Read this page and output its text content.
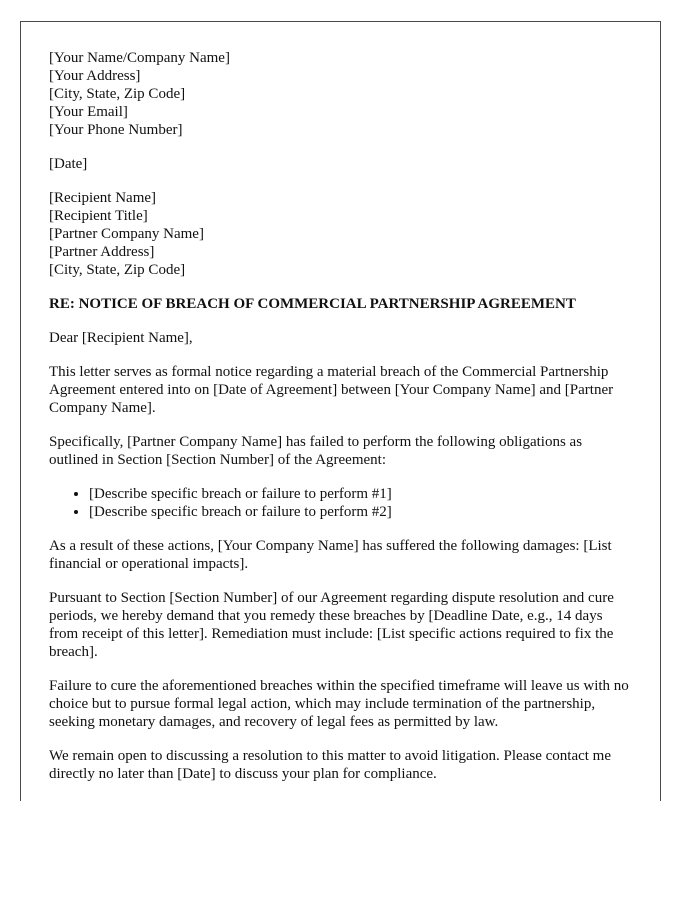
[Your Name/Company Name]
[Your Address]
[City, State, Zip Code]
[Your Email]
[Your Phone Number]
[Date]
[Recipient Name]
[Recipient Title]
[Partner Company Name]
[Partner Address]
[City, State, Zip Code]
RE: NOTICE OF BREACH OF COMMERCIAL PARTNERSHIP AGREEMENT

Dear [Recipient Name],

This letter serves as formal notice regarding a material breach of the Commercial Partnership Agreement entered into on [Date of Agreement] between [Your Company Name] and [Partner Company Name].

Specifically, [Partner Company Name] has failed to perform the following obligations as outlined in Section [Section Number] of the Agreement:

• [Describe specific breach or failure to perform #1]
• [Describe specific breach or failure to perform #2]

As a result of these actions, [Your Company Name] has suffered the following damages: [List financial or operational impacts].

Pursuant to Section [Section Number] of our Agreement regarding dispute resolution and cure periods, we hereby demand that you remedy these breaches by [Deadline Date, e.g., 14 days from receipt of this letter]. Remediation must include: [List specific actions required to fix the breach].

Failure to cure the aforementioned breaches within the specified timeframe will leave us with no choice but to pursue formal legal action, which may include termination of the partnership, seeking monetary damages, and recovery of legal fees as permitted by law.

We remain open to discussing a resolution to this matter to avoid litigation. Please contact me directly no later than [Date] to discuss your plan for compliance.
